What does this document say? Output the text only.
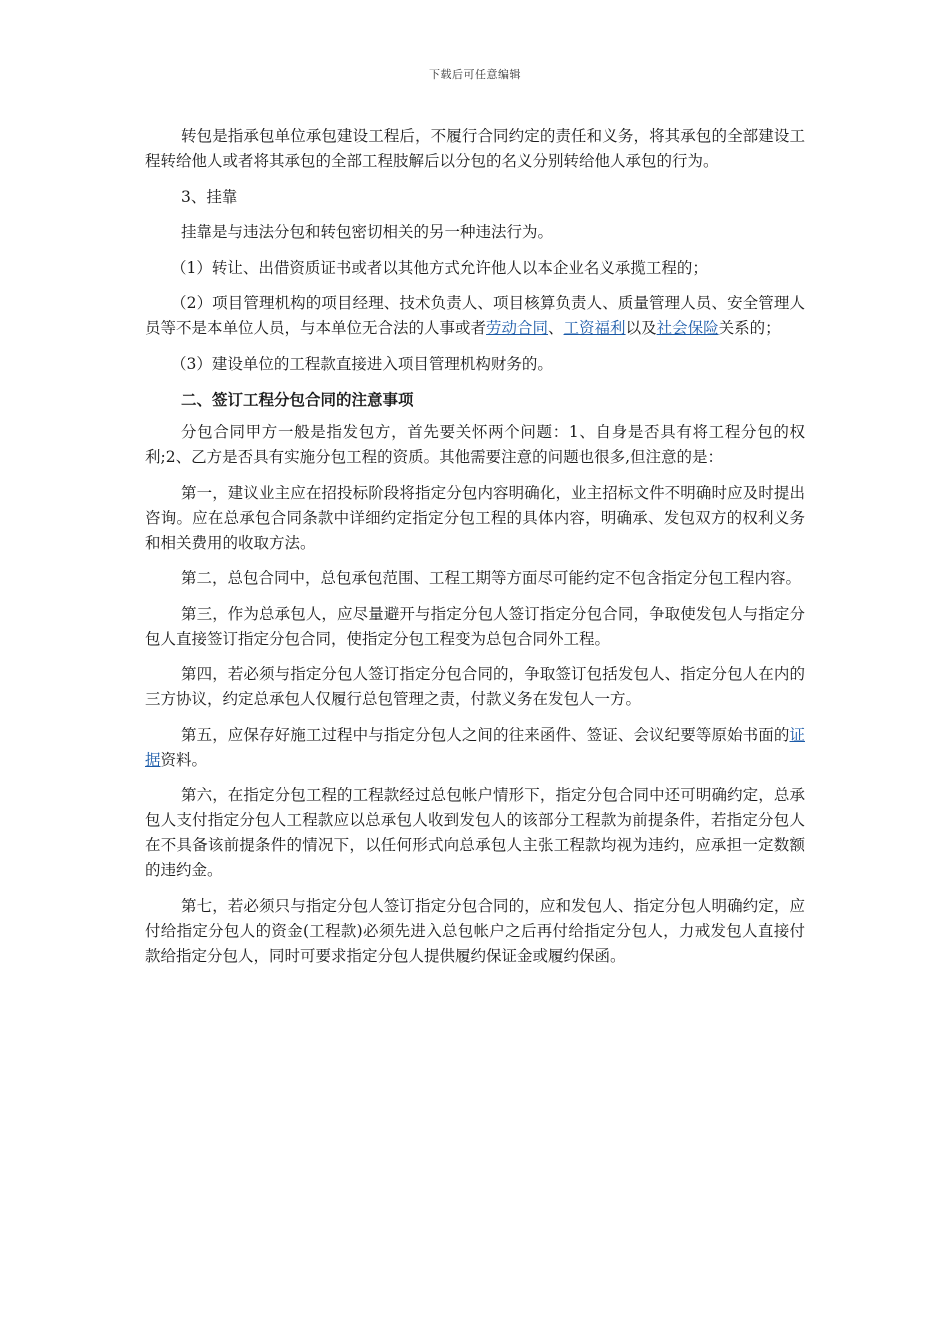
下载后可任意编辑

转包是指承包单位承包建设工程后，不履行合同约定的责任和义务，将其承包的全部建设工程转给他人或者将其承包的全部工程肢解后以分包的名义分别转给他人承包的行为。

3、挂靠

挂靠是与违法分包和转包密切相关的另一种违法行为。

（1）转让、出借资质证书或者以其他方式允许他人以本企业名义承揽工程的；

（2）项目管理机构的项目经理、技术负责人、项目核算负责人、质量管理人员、安全管理人员等不是本单位人员，与本单位无合法的人事或者劳动合同、工资福利以及社会保险关系的；

（3）建设单位的工程款直接进入项目管理机构财务的。

二、签订工程分包合同的注意事项

分包合同甲方一般是指发包方，首先要关怀两个问题：1、自身是否具有将工程分包的权利;2、乙方是否具有实施分包工程的资质。其他需要注意的问题也很多,但注意的是：

第一，建议业主应在招投标阶段将指定分包内容明确化，业主招标文件不明确时应及时提出咨询。应在总承包合同条款中详细约定指定分包工程的具体内容，明确承、发包双方的权利义务和相关费用的收取方法。

第二，总包合同中，总包承包范围、工程工期等方面尽可能约定不包含指定分包工程内容。

第三，作为总承包人，应尽量避开与指定分包人签订指定分包合同，争取使发包人与指定分包人直接签订指定分包合同，使指定分包工程变为总包合同外工程。

第四，若必须与指定分包人签订指定分包合同的，争取签订包括发包人、指定分包人在内的三方协议，约定总承包人仅履行总包管理之责，付款义务在发包人一方。

第五，应保存好施工过程中与指定分包人之间的往来函件、签证、会议纪要等原始书面的证据资料。

第六，在指定分包工程的工程款经过总包帐户情形下，指定分包合同中还可明确约定，总承包人支付指定分包人工程款应以总承包人收到发包人的该部分工程款为前提条件，若指定分包人在不具备该前提条件的情况下，以任何形式向总承包人主张工程款均视为违约，应承担一定数额的违约金。

第七，若必须只与指定分包人签订指定分包合同的，应和发包人、指定分包人明确约定，应付给指定分包人的资金(工程款)必须先进入总包帐户之后再付给指定分包人，力戒发包人直接付款给指定分包人，同时可要求指定分包人提供履约保证金或履约保函。
